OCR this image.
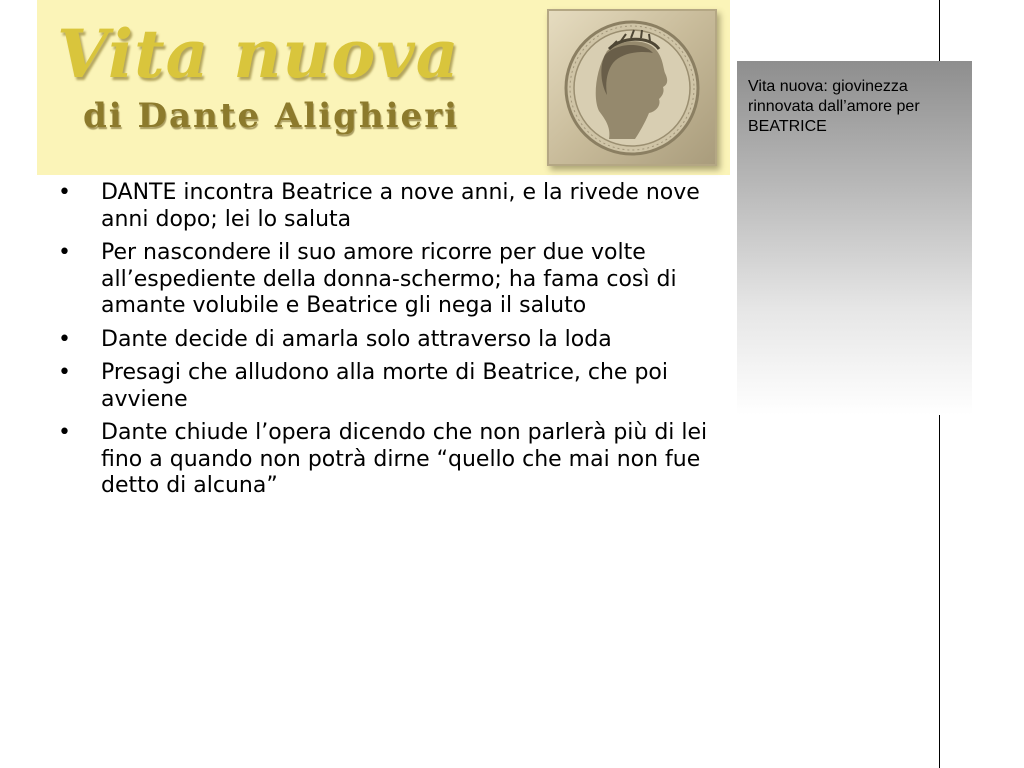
Vita nuova
di Dante Alighieri
• DANTE incontra Beatrice a nove anni, e la rivede nove anni dopo; lei lo saluta
• Per nascondere il suo amore ricorre per due volte all’espediente della donna-schermo; ha fama così di amante volubile e Beatrice gli nega il saluto
• Dante decide di amarla solo attraverso la loda
• Presagi che alludono alla morte di Beatrice, che poi avviene
• Dante chiude l’opera dicendo che non parlerà più di lei fino a quando non potrà dirne “quello che mai non fue detto di alcuna”
Vita nuova: giovinezza rinnovata dall’amore per BEATRICE
